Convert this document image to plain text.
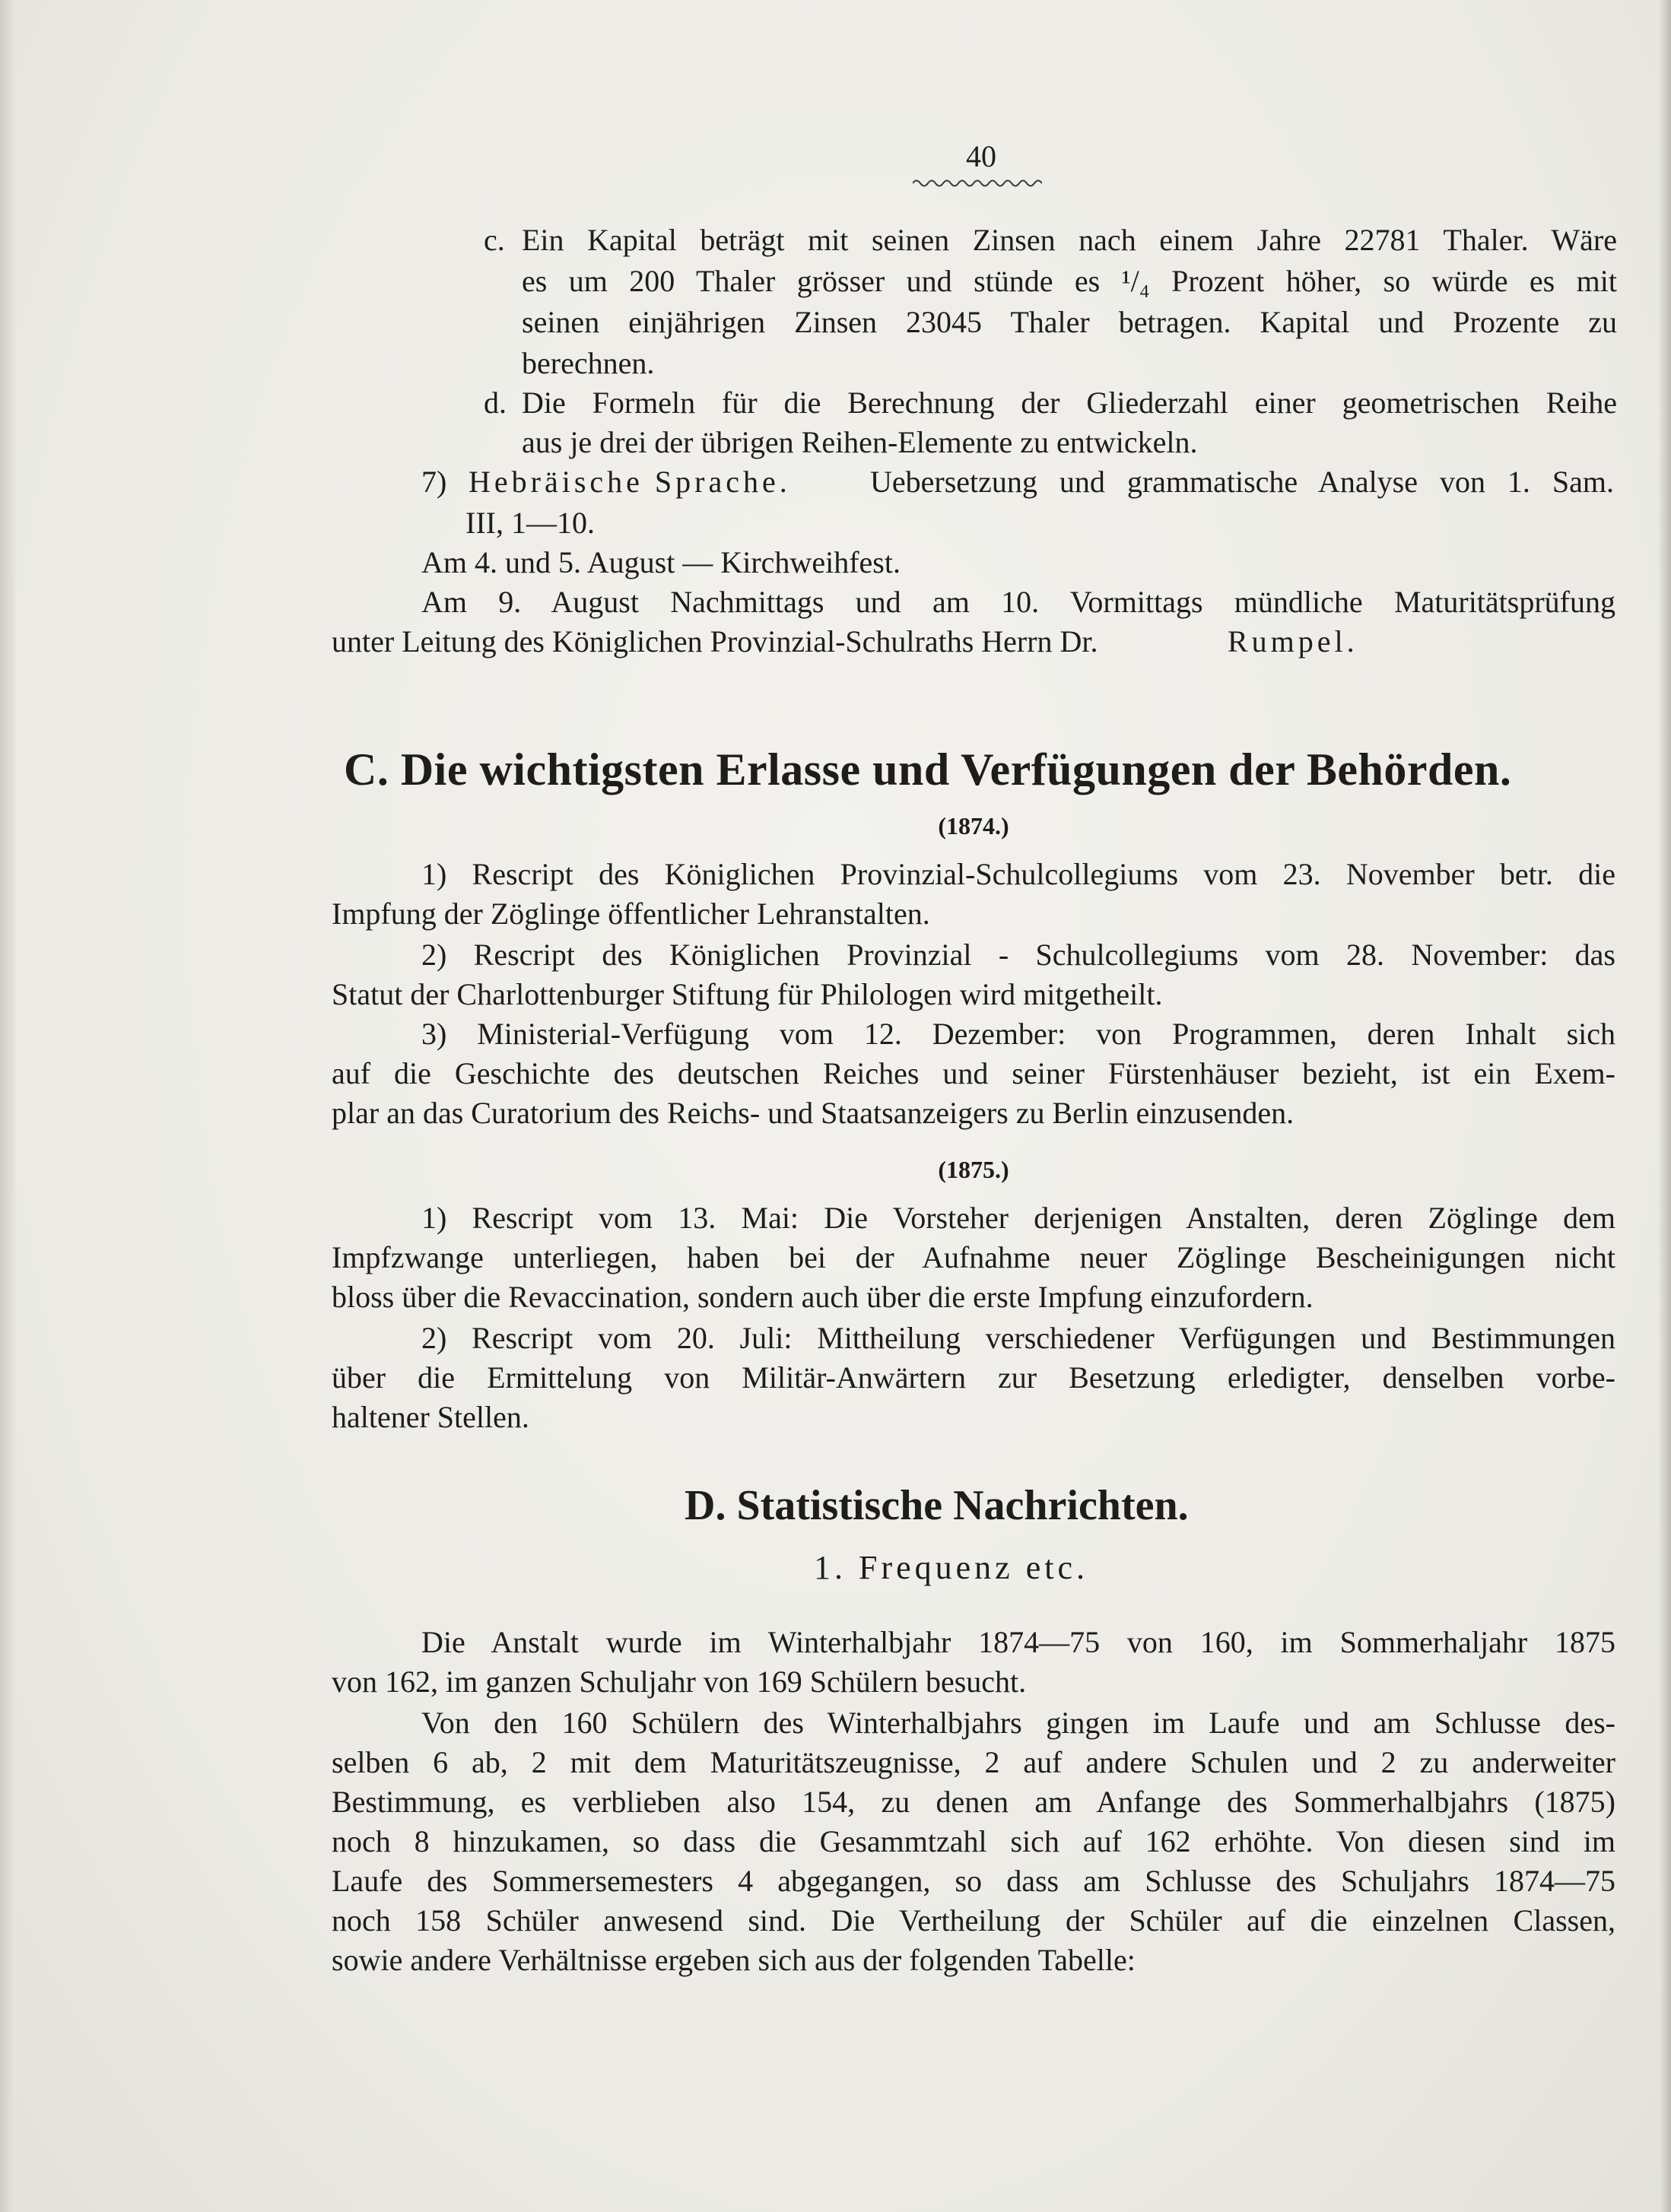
40
c. Ein Kapital beträgt mit seinen Zinsen nach einem Jahre 22781 Thaler. Wäre
es um 200 Thaler grösser und stünde es ¹/₄ Prozent höher, so würde es mit
seinen einjährigen Zinsen 23045 Thaler betragen. Kapital und Prozente zu
berechnen.
d. Die Formeln für die Berechnung der Gliederzahl einer geometrischen Reihe
aus je drei der übrigen Reihen-Elemente zu entwickeln.
7) Hebräische Sprache.	Uebersetzung und grammatische Analyse von 1. Sam.
III, 1—10.
Am 4. und 5. August — Kirchweihfest.
Am 9. August Nachmittags und am 10. Vormittags mündliche Maturitätsprüfung
unter Leitung des Königlichen Provinzial-Schulraths Herrn Dr.	Rumpel.
C. Die wichtigsten Erlasse und Verfügungen der Behörden.
(1874.)
1) Rescript des Königlichen Provinzial-Schulcollegiums vom 23. November betr. die
Impfung der Zöglinge öffentlicher Lehranstalten.
2) Rescript des Königlichen Provinzial - Schulcollegiums vom 28. November: das
Statut der Charlottenburger Stiftung für Philologen wird mitgetheilt.
3) Ministerial-Verfügung vom 12. Dezember: von Programmen, deren Inhalt sich
auf die Geschichte des deutschen Reiches und seiner Fürstenhäuser bezieht, ist ein Exem-
plar an das Curatorium des Reichs- und Staatsanzeigers zu Berlin einzusenden.
(1875.)
1) Rescript vom 13. Mai: Die Vorsteher derjenigen Anstalten, deren Zöglinge dem
Impfzwange unterliegen, haben bei der Aufnahme neuer Zöglinge Bescheinigungen nicht
bloss über die Revaccination, sondern auch über die erste Impfung einzufordern.
2) Rescript vom 20. Juli: Mittheilung verschiedener Verfügungen und Bestimmungen
über die Ermittelung von Militär-Anwärtern zur Besetzung erledigter, denselben vorbe-
haltener Stellen.
D. Statistische Nachrichten.
1. Frequenz etc.
Die Anstalt wurde im Winterhalbjahr 1874—75 von 160, im Sommerhaljahr 1875
von 162, im ganzen Schuljahr von 169 Schülern besucht.
Von den 160 Schülern des Winterhalbjahrs gingen im Laufe und am Schlusse des-
selben 6 ab, 2 mit dem Maturitätszeugnisse, 2 auf andere Schulen und 2 zu anderweiter
Bestimmung, es verblieben also 154, zu denen am Anfange des Sommerhalbjahrs (1875)
noch 8 hinzukamen, so dass die Gesammtzahl sich auf 162 erhöhte. Von diesen sind im
Laufe des Sommersemesters 4 abgegangen, so dass am Schlusse des Schuljahrs 1874—75
noch 158 Schüler anwesend sind. Die Vertheilung der Schüler auf die einzelnen Classen,
sowie andere Verhältnisse ergeben sich aus der folgenden Tabelle:
